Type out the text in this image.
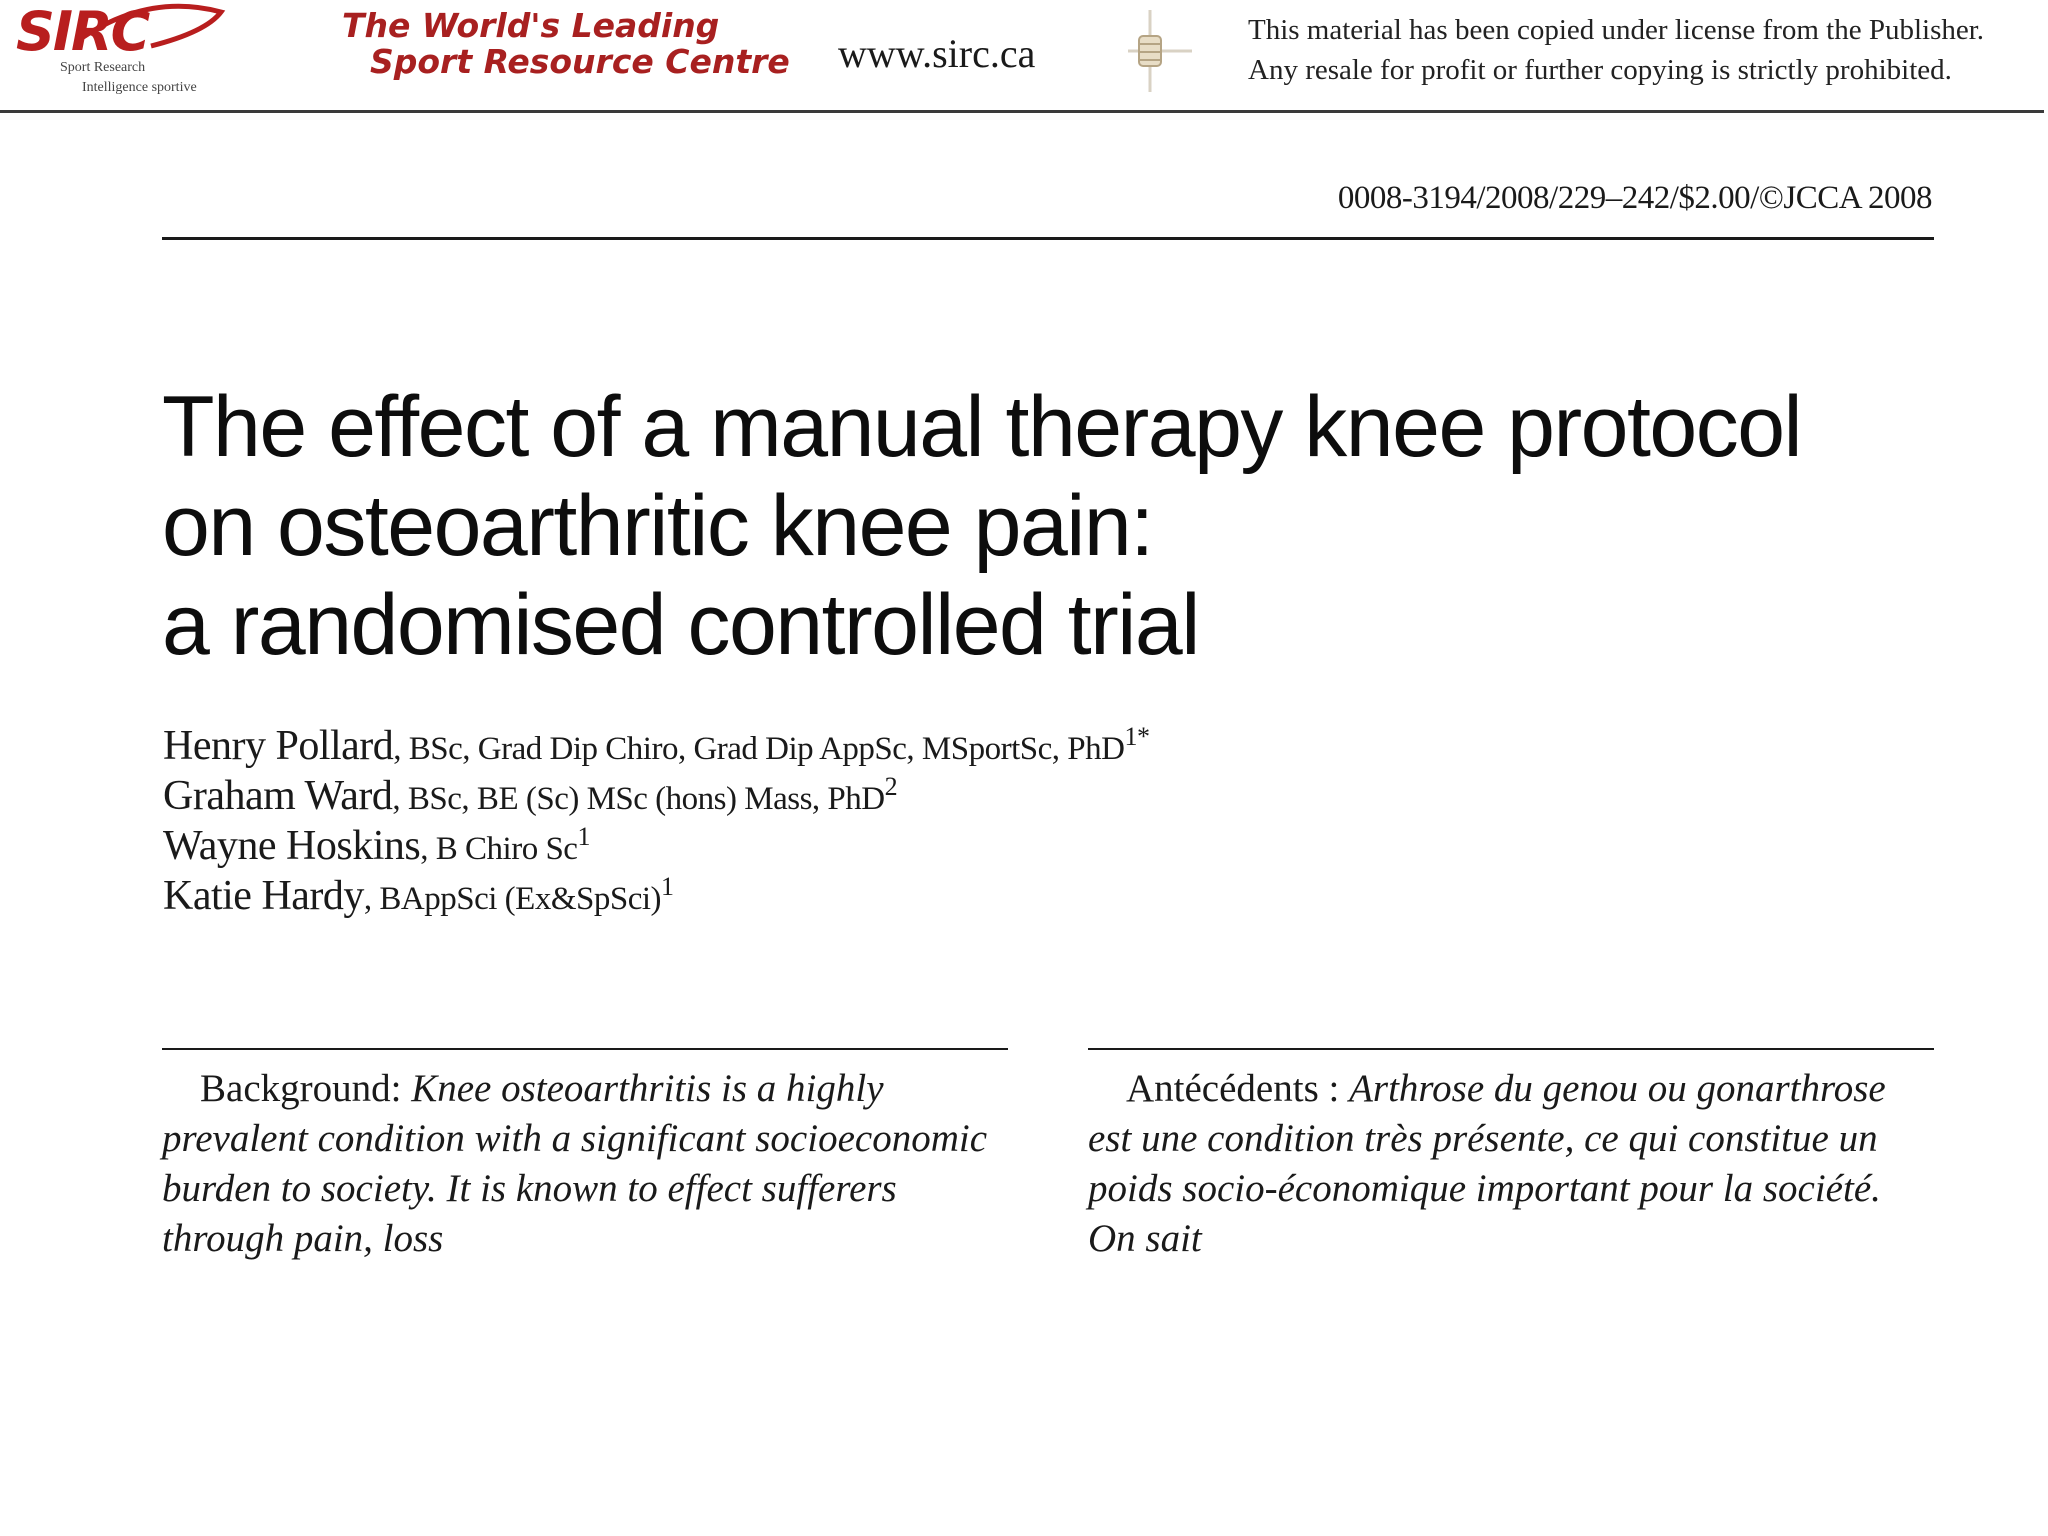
SIRC
Sport Research
Intelligence sportive
The World's Leading
Sport Resource Centre www.sirc.ca
This material has been copied under license from the Publisher.
Any resale for profit or further copying is strictly prohibited.
0008-3194/2008/229–242/$2.00/©JCCA 2008
The effect of a manual therapy knee protocol
on osteoarthritic knee pain:
a randomised controlled trial
Henry Pollard, BSc, Grad Dip Chiro, Grad Dip AppSc, MSportSc, PhD1*
Graham Ward, BSc, BE (Sc) MSc (hons) Mass, PhD2
Wayne Hoskins, B Chiro Sc1
Katie Hardy, BAppSci (Ex&SpSci)1
Background: Knee osteoarthritis is a highly prevalent condition with a significant socioeconomic burden to society. It is known to effect sufferers through pain, loss
Antécédents : Arthrose du genou ou gonarthrose est une condition très présente, ce qui constitue un poids socio-économique important pour la société. On sait
